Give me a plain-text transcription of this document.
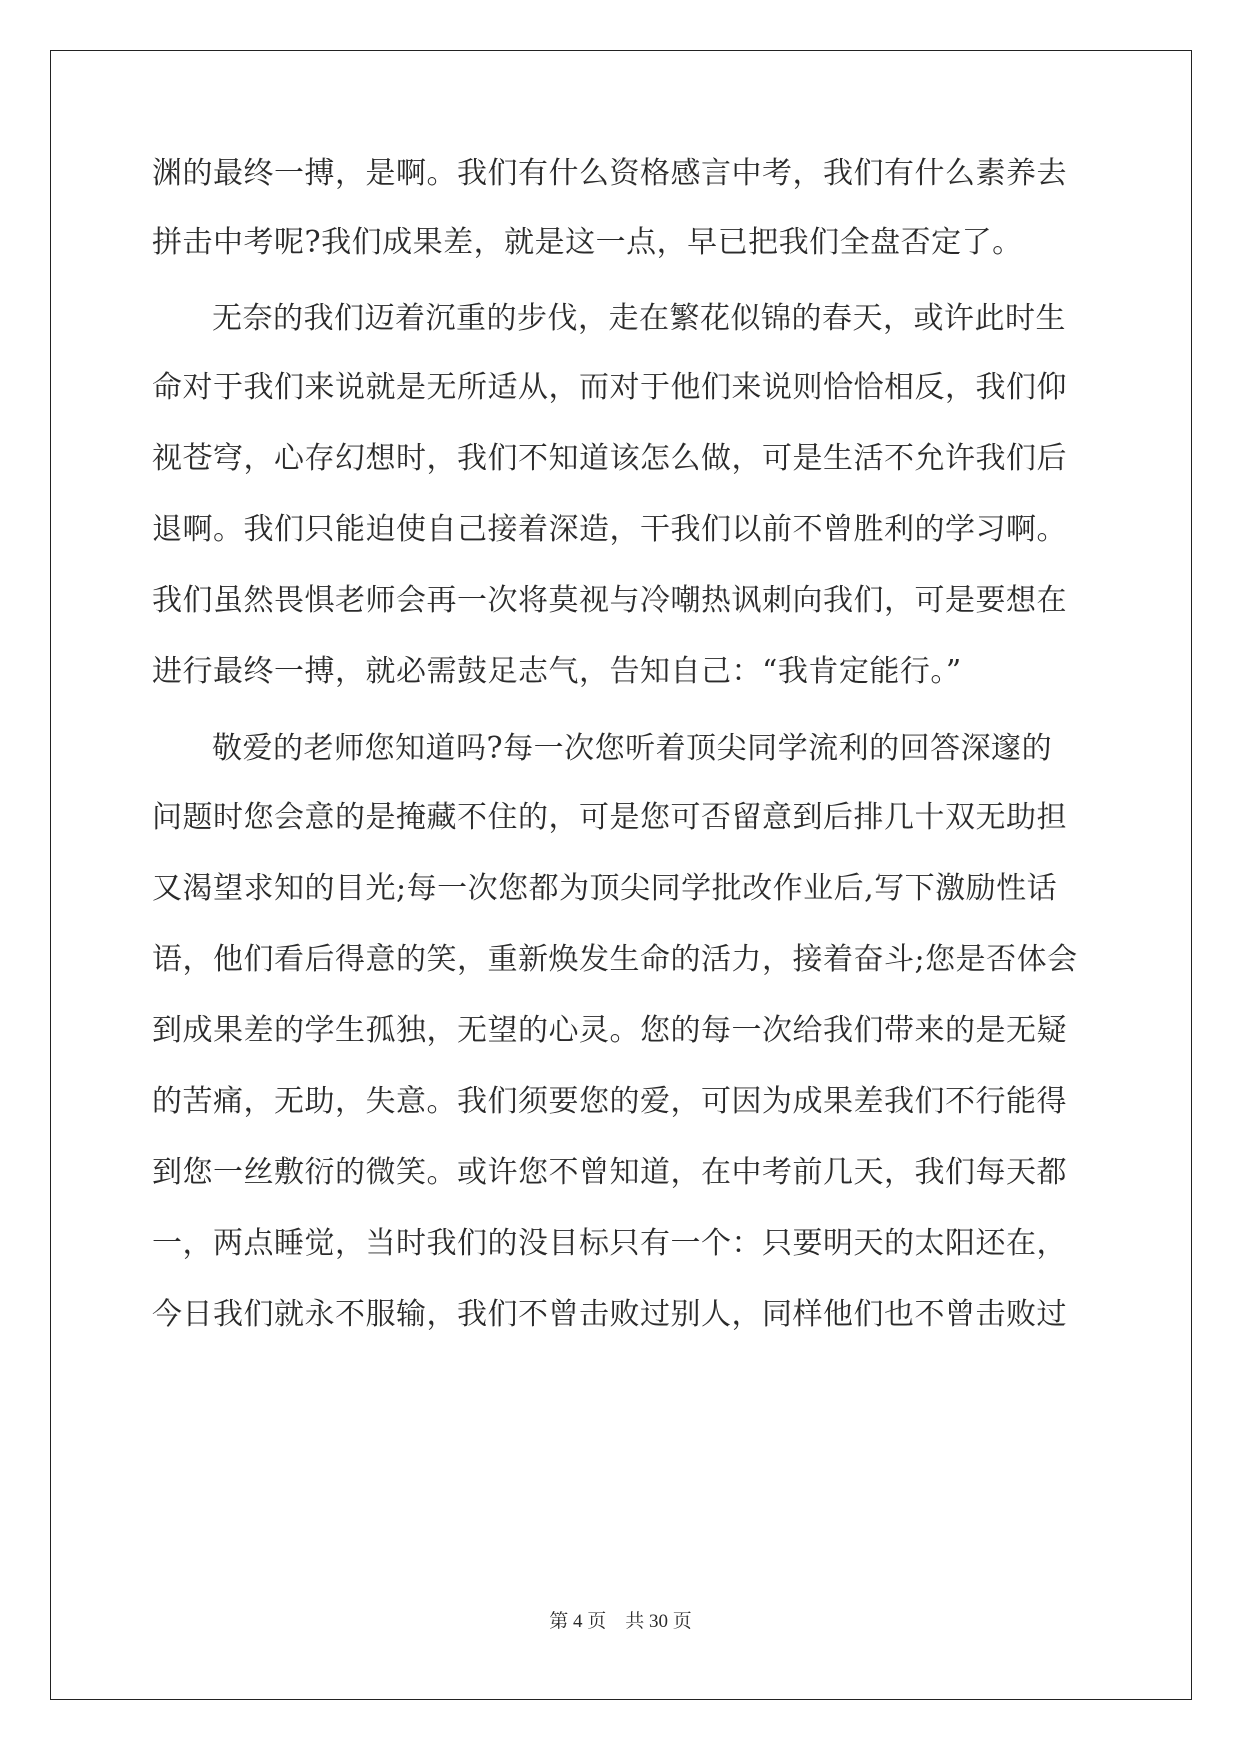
渊的最终一搏，是啊。我们有什么资格感言中考，我们有什么素养去

拼击中考呢?我们成果差，就是这一点，早已把我们全盘否定了。

无奈的我们迈着沉重的步伐，走在繁花似锦的春天，或许此时生

命对于我们来说就是无所适从，而对于他们来说则恰恰相反，我们仰

视苍穹，心存幻想时，我们不知道该怎么做，可是生活不允许我们后

退啊。我们只能迫使自己接着深造，干我们以前不曾胜利的学习啊。

我们虽然畏惧老师会再一次将莫视与冷嘲热讽刺向我们，可是要想在

进行最终一搏，就必需鼓足志气，告知自己：“我肯定能行。”

敬爱的老师您知道吗?每一次您听着顶尖同学流利的回答深邃的

问题时您会意的是掩藏不住的，可是您可否留意到后排几十双无助担

又渴望求知的目光;每一次您都为顶尖同学批改作业后,写下激励性话

语，他们看后得意的笑，重新焕发生命的活力，接着奋斗;您是否体会

到成果差的学生孤独，无望的心灵。您的每一次给我们带来的是无疑

的苦痛，无助，失意。我们须要您的爱，可因为成果差我们不行能得

到您一丝敷衍的微笑。或许您不曾知道，在中考前几天，我们每天都

一，两点睡觉，当时我们的没目标只有一个：只要明天的太阳还在，

今日我们就永不服输，我们不曾击败过别人，同样他们也不曾击败过

第 4 页    共 30 页
